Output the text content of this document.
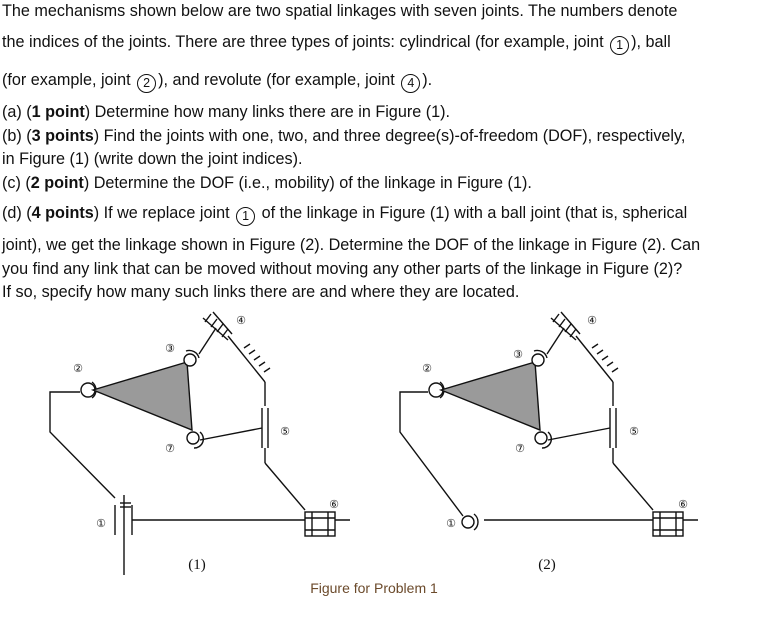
The mechanisms shown below are two spatial linkages with seven joints. The numbers denote
the indices of the joints. There are three types of joints: cylindrical (for example, joint 1 ), ball
(for example, joint 2 ), and revolute (for example, joint 4 ).
(a) (1 point) Determine how many links there are in Figure (1).
(b) (3 points) Find the joints with one, two, and three degree(s)-of-freedom (DOF), respectively,
in Figure (1) (write down the joint indices).
(c) (2 point) Determine the DOF (i.e., mobility) of the linkage in Figure (1).
(d) (4 points) If we replace joint 1 of the linkage in Figure (1) with a ball joint (that is, spherical
joint), we get the linkage shown in Figure (2). Determine the DOF of the linkage in Figure (2). Can
you find any link that can be moved without moving any other parts of the linkage in Figure (2)?
If so, specify how many such links there are and where they are located.
②
③
④
⑤
⑥
⑦
①
(1)
②
③
④
⑤
⑥
⑦
①
(2)
Figure for Problem 1
